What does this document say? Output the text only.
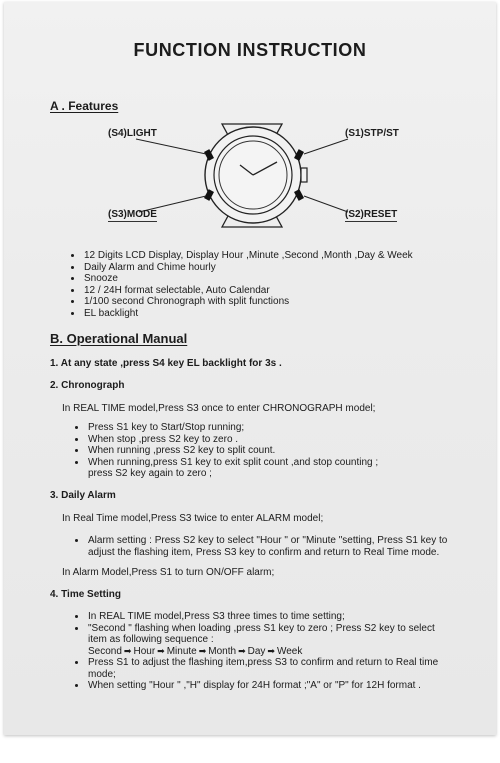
FUNCTION INSTRUCTION
A . Features
(S4)LIGHT	(S1)STP/ST
(S3)MODE	(S2)RESET
• 12 Digits LCD Display, Display Hour ,Minute ,Second ,Month ,Day & Week
• Daily Alarm and Chime hourly
• Snooze
• 12 / 24H format selectable, Auto Calendar
• 1/100 second Chronograph with split functions
• EL backlight
B. Operational Manual

1. At any state ,press S4 key EL backlight for 3s .

2. Chronograph

In REAL TIME model,Press S3 once to enter CHRONOGRAPH model;

• Press S1 key to Start/Stop running;
• When stop ,press S2 key to zero .
• When running ,press S2 key to split count.
• When running,press S1 key to exit split count ,and stop counting ;
press S2 key again to zero ;

3. Daily Alarm

In Real Time model,Press S3 twice to enter ALARM model;

• Alarm setting : Press S2 key to select "Hour " or "Minute "setting, Press S1 key to
adjust the flashing item, Press S3 key to confirm and return to Real Time mode.

In Alarm Model,Press S1 to turn ON/OFF alarm;

4. Time Setting

• In REAL TIME model,Press S3 three times to time setting;
• "Second " flashing when loading ,press S1 key to zero ; Press S2 key to select
item as following sequence :
Second ➡ Hour ➡ Minute ➡ Month ➡ Day ➡ Week
• Press S1 to adjust the flashing item,press S3 to confirm and return to Real time
mode;
• When setting "Hour " ,"H" display for 24H format ;"A" or "P" for 12H format .
